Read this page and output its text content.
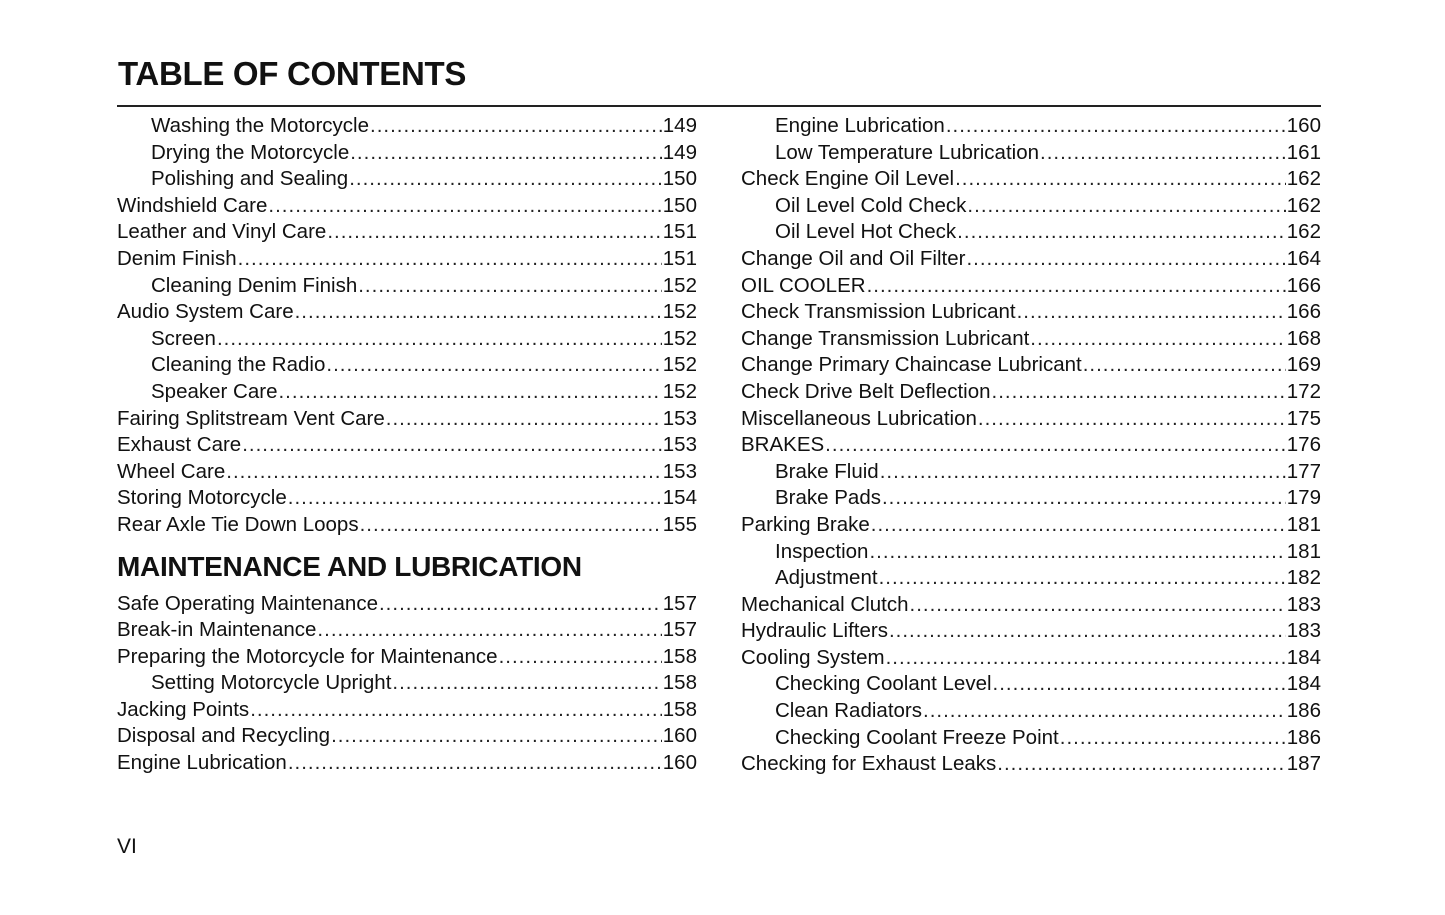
TABLE OF CONTENTS
Washing the Motorcycle .....	149
Drying the Motorcycle .....	149
Polishing and Sealing .....	150
Windshield Care .....	150
Leather and Vinyl Care .....	151
Denim Finish .....	151
Cleaning Denim Finish .....	152
Audio System Care .....	152
Screen .....	152
Cleaning the Radio .....	152
Speaker Care .....	152
Fairing Splitstream Vent Care .....	153
Exhaust Care .....	153
Wheel Care .....	153
Storing Motorcycle .....	154
Rear Axle Tie Down Loops .....	155
MAINTENANCE AND LUBRICATION
Safe Operating Maintenance .....	157
Break-in Maintenance .....	157
Preparing the Motorcycle for Maintenance .....	158
Setting Motorcycle Upright .....	158
Jacking Points .....	158
Disposal and Recycling .....	160
Engine Lubrication .....	160
Engine Lubrication .....	160
Low Temperature Lubrication .....	161
Check Engine Oil Level .....	162
Oil Level Cold Check .....	162
Oil Level Hot Check .....	162
Change Oil and Oil Filter .....	164
OIL COOLER .....	166
Check Transmission Lubricant .....	166
Change Transmission Lubricant .....	168
Change Primary Chaincase Lubricant .....	169
Check Drive Belt Deflection .....	172
Miscellaneous Lubrication .....	175
BRAKES .....	176
Brake Fluid .....	177
Brake Pads .....	179
Parking Brake .....	181
Inspection .....	181
Adjustment .....	182
Mechanical Clutch .....	183
Hydraulic Lifters .....	183
Cooling System .....	184
Checking Coolant Level .....	184
Clean Radiators .....	186
Checking Coolant Freeze Point .....	186
Checking for Exhaust Leaks .....	187
VI
